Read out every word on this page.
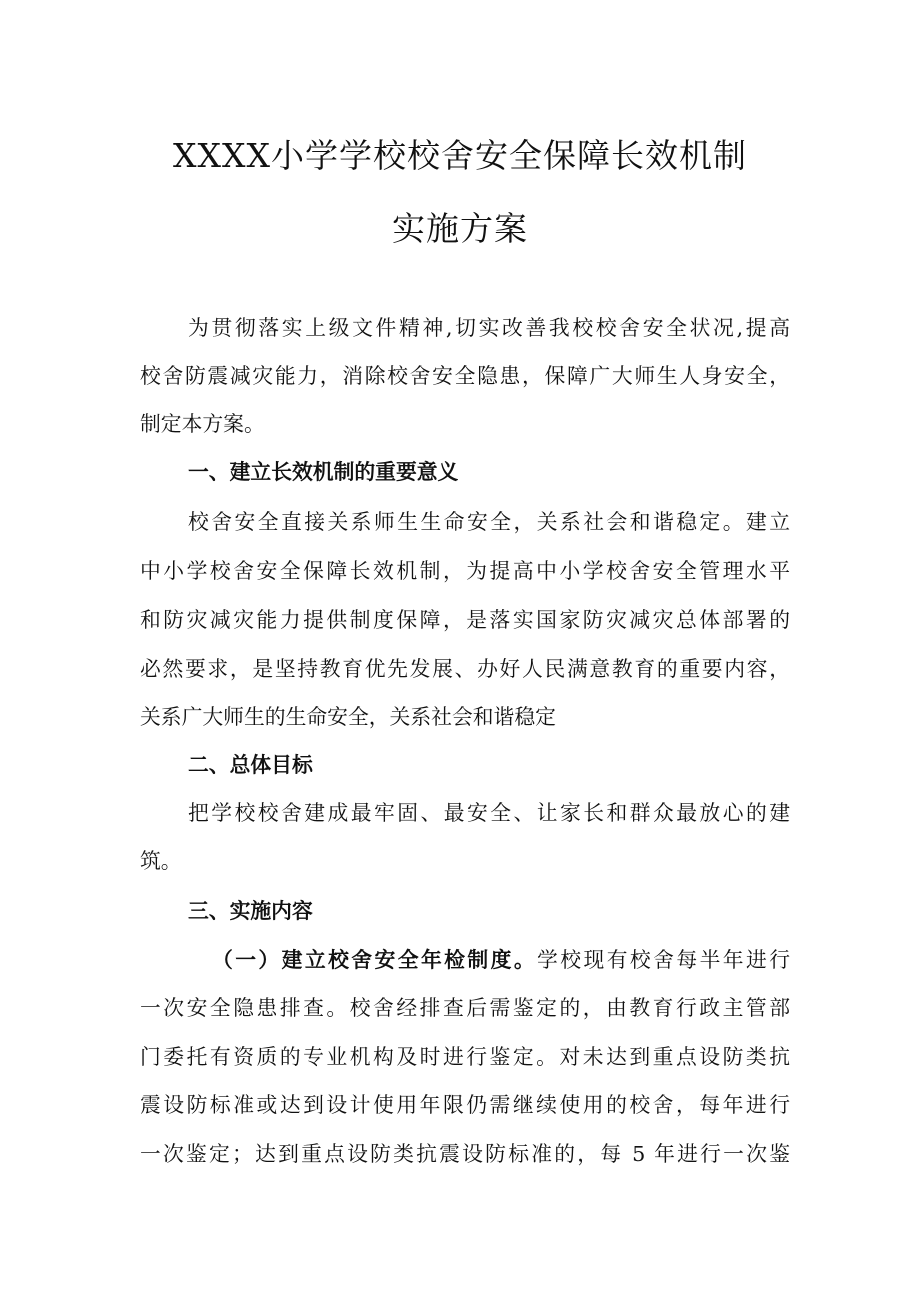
XXXX小学学校校舍安全保障长效机制
实施方案
为贯彻落实上级文件精神,切实改善我校校舍安全状况,提高
校舍防震减灾能力，消除校舍安全隐患，保障广大师生人身安全，
制定本方案。
一、建立长效机制的重要意义
校舍安全直接关系师生生命安全，关系社会和谐稳定。建立
中小学校舍安全保障长效机制，为提高中小学校舍安全管理水平
和防灾减灾能力提供制度保障，是落实国家防灾减灾总体部署的
必然要求，是坚持教育优先发展、办好人民满意教育的重要内容，
关系广大师生的生命安全，关系社会和谐稳定
二、总体目标
把学校校舍建成最牢固、最安全、让家长和群众最放心的建
筑。
三、实施内容
（一）建立校舍安全年检制度。学校现有校舍每半年进行
一次安全隐患排查。校舍经排查后需鉴定的，由教育行政主管部
门委托有资质的专业机构及时进行鉴定。对未达到重点设防类抗
震设防标准或达到设计使用年限仍需继续使用的校舍，每年进行
一次鉴定；达到重点设防类抗震设防标准的，每 5 年进行一次鉴
